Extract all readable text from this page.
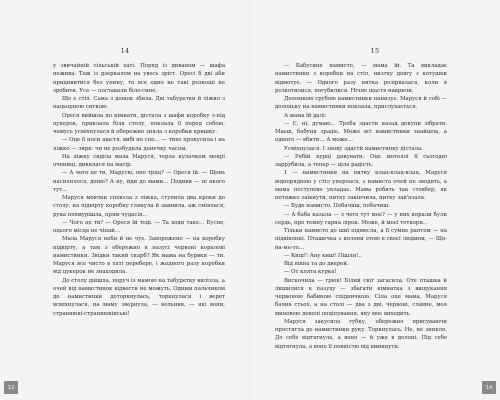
14

у звичайній сільській хаті. Поряд із диваном — шафа нежива. Тож із дзеркалом на увесь зріст. Оресі б дві аби придивитися без упину, то все одно не такі розкоші не зробити. Усе — поставали біло-сине.

Ще є стіл. Сама з дощок збила. Дві табуретки й ліжко з пацьорною ситкою.

Ореся вийшла до кімнати, дістала з шафи коробку з-під цукерок, приклала біля столу, поклала її перед собою, чомусь усміхнулася й обережно зняла з коробки кришку.

— Оце її носи щастя, вибі не спо… — тихо прокусила і на ліжко — зирк: чи не розбудила донечку часом.

На ліжку сиділа мала Маруся, терла кулачком мокрі очениці, дивилася на матір.

— А чого це ти, Марусю, опе тріщ? — Ореся їй. — Щонь насилилося, доню? А ну, йди до мами… Подиви — ні якого тут…

Маруся мовчки сповзла з ліжка, ступила два кроки до столу, на підвірту коробку глянула й завмила, аж сміялася, рука похмурішла, прям чудасія…

— Чого це ти? — Ореся їй тоді. — Та ходи таке… Бусне, оцього місця не чіпай…

Мала Маруся небн й не чує. Заворожено — на коробку підвірту, а там з обережно в пазусі червоні коралові намистинки. Звідки такий скарб? Як мама на бурвки — ти. Маруся все чисто в хаті перебере, і жодного разу коробки від цукерок не знаходила.

До столу дійшла, поруч із мамою на табуретку вилізла, а очей від намистинок відвести не можуть. Одним пальчиком до намистинки доторкнулась, торкнулася і верет всміхнулася, на маму звернула, — вольнив, — які вони, страннюкі-страннюківські!

12
15

— Бабусине намисто, — мама їй. Та викладає намистинки з коробки на стіл, низтку довгу з котушки відмотує. — Одного разу нитка розірвалася, коли я розкотилися, погубилися. Нічне щастя наврили.

Доломкою грубою намистинки нанизує. Маруся й собі — долоньку на намистинки поклала, прислухається.

А мама їй далі:

— Є, ні, думаю… Треба здасти назад докупи зібрати. Маєш, бабуня зрадіє. Може всі намистинки знайшла, а одного — вбити… А може…

Усміхнулася. І знову здастй намистинку дістала.

— Рябій курці дякувати. Оце мотоллі її сьогодні заррубила, а тепер — ціла радість.

1 — намистинки на нитку клац-клац-клац. Маруся відпорядною у стіл уперлася, з намиста очей не зводить, а мама поступово укладає. Мама робить так стовбер, як потяжко заїкнути, нитку закінчила, нитку зав'язала.

— Буде намисто. Побачиш, побачиш.

— А баба казала — з чого тут моє? — у них корали були сердь, про темну гарна лірок. Може, й моєї теткори…

Тільки намисто до шиї підмесла, а її сумне раптом — на підвіконні. Пташечка з колони отою в своєї людини, — Що-на-ме-то…

— Киш!! Ану киш! Пішли!..

Від вікна та до дверей.

— От клята курка!

Вискочила — грюк! Білий світ загасила. Оте пташка й лишилися в пазуху — збагати кімнатка з вищукання червоною бабиною спідничкою. Сіла оце мама, Маруся бачив стьох, а на столі — два з дві, червоні, славне, моя миновою доволі поціпування, яку моє виходить.

Маруся закусила губку, обережно присуваючи простягла до намистинки руку. Торкнулась. Не, не зникло. До себе відтягнула, а воно — й уже в долоні. Під себе відтягнула, а воно її повністю від вимкнути.

14
